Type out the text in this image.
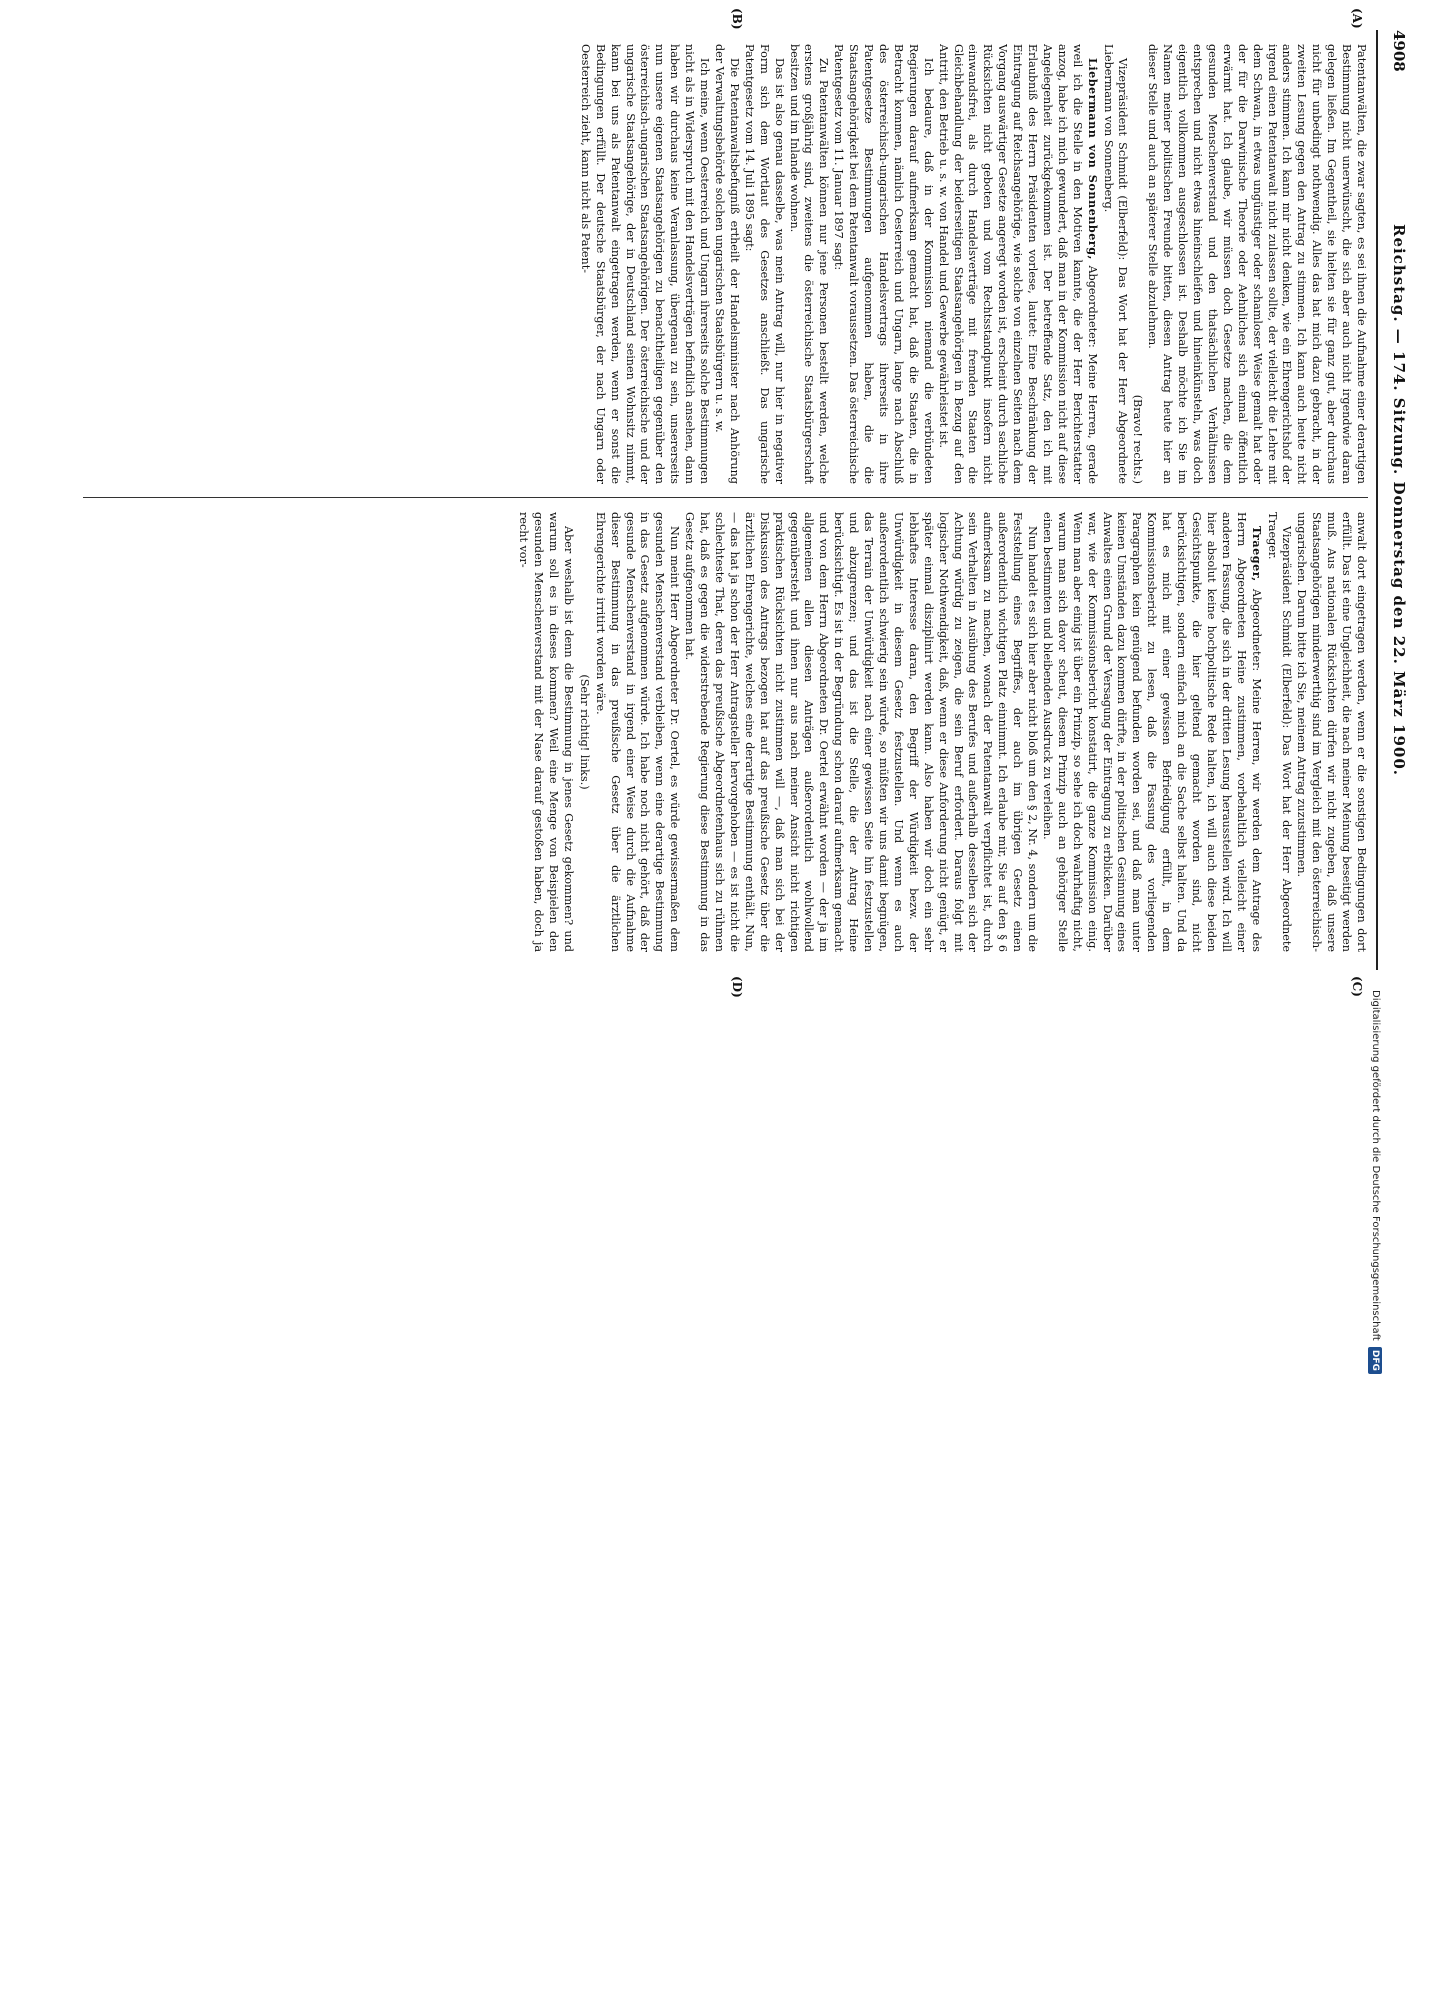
4908
Reichstag. — 174. Sitzung. Donnerstag den 22. März 1900.
(A)
(B)
(C)
(D)

Patentanwälten, die zwar sagten, es sei ihnen die Aufnahme einer derartigen Bestimmung nicht unerwünscht, die sich aber auch nicht irgendwie daran gelegen ließen. Im Gegentheil, sie hielten sie für ganz gut, aber durchaus nicht für unbedingt nothwendig. Alles das hat mich dazu gebracht, in der zweiten Lesung gegen den Antrag zu stimmen. Ich kann auch heute nicht anders stimmen. Ich kann mir nicht denken, wie ein Ehrengerichtshof der irgend einen Patentanwalt nicht zulassen sollte, der vielleicht die Lehre mit dem Schwan, in etwas ungünstiger oder schamloser Weise gemalt hat oder der für die Darwinische Theorie oder Aehnliches sich einmal öffentlich erwärmt hat. Ich glaube, wir müssen doch Gesetze machen, die dem gesunden Menschenverstand und den thatsächlichen Verhältnissen entsprechen und nicht etwas hineinschleifen und hineinkünsteln, was doch eigentlich vollkommen ausgeschlossen ist. Deshalb möchte ich Sie im Namen meiner politischen Freunde bitten, diesen Antrag heute hier an dieser Stelle und auch an späterer Stelle abzulehnen.

(Bravo! rechts.)

Vizepräsident Schmidt (Elberfeld): Das Wort hat der Herr Abgeordnete Liebermann von Sonnenberg.

Liebermann von Sonnenberg, Abgeordneter: Meine Herren, gerade weil ich die Stelle in den Motiven kannte, die der Herr Berichterstatter anzog, habe ich mich gewundert, daß man in der Kommission nicht auf diese Angelegenheit zurückgekommen ist. Der betreffende Satz, den ich mit Erlaubniß des Herrn Präsidenten vorlese, lautet: Eine Beschränkung der Eintragung auf Reichsangehörige, wie solche von einzelnen Seiten nach dem Vorgang auswärtiger Gesetze angeregt worden ist, erscheint durch sachliche Rücksichten nicht geboten und vom Rechtsstandpunkt insofern nicht einwandsfrei, als durch Handelsverträge mit fremden Staaten die Gleichbehandlung der beiderseitigen Staatsangehörigen in Bezug auf den Antritt, den Betrieb u. s. w. von Handel und Gewerbe gewährleistet ist.

Ich bedaure, daß in der Kommission niemand die verbündeten Regierungen darauf aufmerksam gemacht hat, daß die Staaten, die in Betracht kommen, nämlich Oesterreich und Ungarn, lange nach Abschluß des österreichisch-ungarischen Handelsvertrags ihrerseits in ihre Patentgesetze Bestimmungen aufgenommen haben, die die Staatsangehörigkeit bei dem Patentanwalt voraussetzen. Das österreichische Patentgesetz vom 11. Januar 1897 sagt:

Zu Patentanwälten können nur jene Personen bestellt werden, welche erstens großjährig sind, zweitens die österreichische Staatsbürgerschaft besitzen und im Inlande wohnen.

Das ist also genau dasselbe, was mein Antrag will, nur hier in negativer Form sich dem Wortlaut des Gesetzes anschließt. Das ungarische Patentgesetz vom 14. Juli 1895 sagt:

Die Patentanwaltsbefugniß ertheilt der Handelsminister nach Anhörung der Verwaltungsbehörde solchen ungarischen Staatsbürgern u. s. w.

Ich meine, wenn Oesterreich und Ungarn ihrerseits solche Bestimmungen nicht als in Widerspruch mit den Handelsverträgen befindlich ansehen, dann haben wir durchaus keine Veranlassung, übergenau zu sein, unsererseits nun unsere eigenen Staatsangehörigen zu benachtheiligen gegenüber den österreichisch-ungarischen Staatsangehörigen. Der österreichische und der ungarische Staatsangehörige, der in Deutschland seinen Wohnsitz nimmt, kann bei uns als Patentanwalt eingetragen werden, wenn er sonst die Bedingungen erfüllt. Der deutsche Staatsbürger, der nach Ungarn oder Oesterreich zieht, kann nicht als Patent-

anwalt dort eingetragen werden, wenn er die sonstigen Bedingungen dort erfüllt. Das ist eine Ungleichheit, die nach meiner Meinung beseitigt werden muß. Aus nationalen Rücksichten dürfen wir nicht zugeben, daß unsere Staatsangehörigen minderwerthig sind im Vergleich mit den österreichisch-ungarischen. Darum bitte ich Sie, meinem Antrag zuzustimmen.

Vizepräsident Schmidt (Elberfeld): Das Wort hat der Herr Abgeordnete Traeger.

Traeger, Abgeordneter: Meine Herren, wir werden dem Antrage des Herrn Abgeordneten Heine zustimmen, vorbehaltlich vielleicht einer anderen Fassung, die sich in der dritten Lesung herausstellen wird. Ich will hier absolut keine hochpolitische Rede halten, ich will auch diese beiden Gesichtspunkte, die hier geltend gemacht worden sind, nicht berücksichtigen, sondern einfach mich an die Sache selbst halten. Und da hat es mich mit einer gewissen Befriedigung erfüllt, in dem Kommissionsbericht zu lesen, daß die Fassung des vorliegenden Paragraphen kein genügend befunden worden sei, und daß man unter keinen Umständen dazu kommen dürfte, in der politischen Gesinnung eines Anwaltes einen Grund der Versagung der Eintragung zu erblicken. Darüber war, wie der Kommissionsbericht konstatirt, die ganze Kommission einig. Wenn man aber einig ist über ein Prinzip, so sehe ich doch wahrhaftig nicht, warum man sich davor scheut, diesem Prinzip auch an gehöriger Stelle einen bestimmten und bleibenden Ausdruck zu verleihen.

Nun handelt es sich hier aber nicht bloß um den § 2, Nr. 4, sondern um die Feststellung eines Begriffes, der auch im übrigen Gesetz einen außerordentlich wichtigen Platz einnimmt. Ich erlaube mir, Sie auf den § 6 aufmerksam zu machen, wonach der Patentanwalt verpflichtet ist, durch sein Verhalten in Ausübung des Berufes und außerhalb desselben sich der Achtung würdig zu zeigen, die sein Beruf erfordert. Daraus folgt mit logischer Nothwendigkeit, daß, wenn er diese Anforderung nicht genügt, er später einmal disziplinirt werden kann. Also haben wir doch ein sehr lebhaftes Interesse daran, den Begriff der Würdigkeit bezw. der Unwürdigkeit in diesem Gesetz festzustellen. Und wenn es auch außerordentlich schwierig sein würde, so müßten wir uns damit begnügen, das Terrain der Unwürdigkeit nach einer gewissen Seite hin festzustellen und abzugrenzen; und das ist die Stelle, die der Antrag Heine berücksichtigt. Es ist in der Begründung schon darauf aufmerksam gemacht und von dem Herrn Abgeordneten Dr. Oertel erwähnt worden — der ja im allgemeinen allen diesen Anträgen außerordentlich wohlwollend gegenübersteht und ihnen nur aus nach meiner Ansicht nicht richtigen praktischen Rücksichten nicht zustimmen will —, daß man sich bei der Diskussion des Antrags bezogen hat auf das preußische Gesetz über die ärztlichen Ehrengerichte, welches eine derartige Bestimmung enthält. Nun, — das hat ja schon der Herr Antragsteller hervorgehoben — es ist nicht die schlechteste That, deren das preußische Abgeordnetenhaus sich zu rühmen hat, daß es gegen die widerstrebende Regierung diese Bestimmung in das Gesetz aufgenommen hat.

Nun meint Herr Abgeordneter Dr. Oertel, es würde gewissermaßen dem gesunden Menschenverstand verbleiben, wenn eine derartige Bestimmung in das Gesetz aufgenommen würde. Ich habe noch nicht gehört, daß der gesunde Menschenverstand in irgend einer Weise durch die Aufnahme dieser Bestimmung in das preußische Gesetz über die ärztlichen Ehrengerichte irritirt worden wäre.

(Sehr richtig! links.)

Aber weshalb ist denn die Bestimmung in jenes Gesetz gekommen? und warum soll es in dieses kommen? Weil eine Menge von Beispielen den gesunden Menschenverstand mit der Nase darauf gestoßen haben, doch ja recht vor-

Digitalisierung gefördert durch die Deutsche Forschungsgemeinschaft
DFG
